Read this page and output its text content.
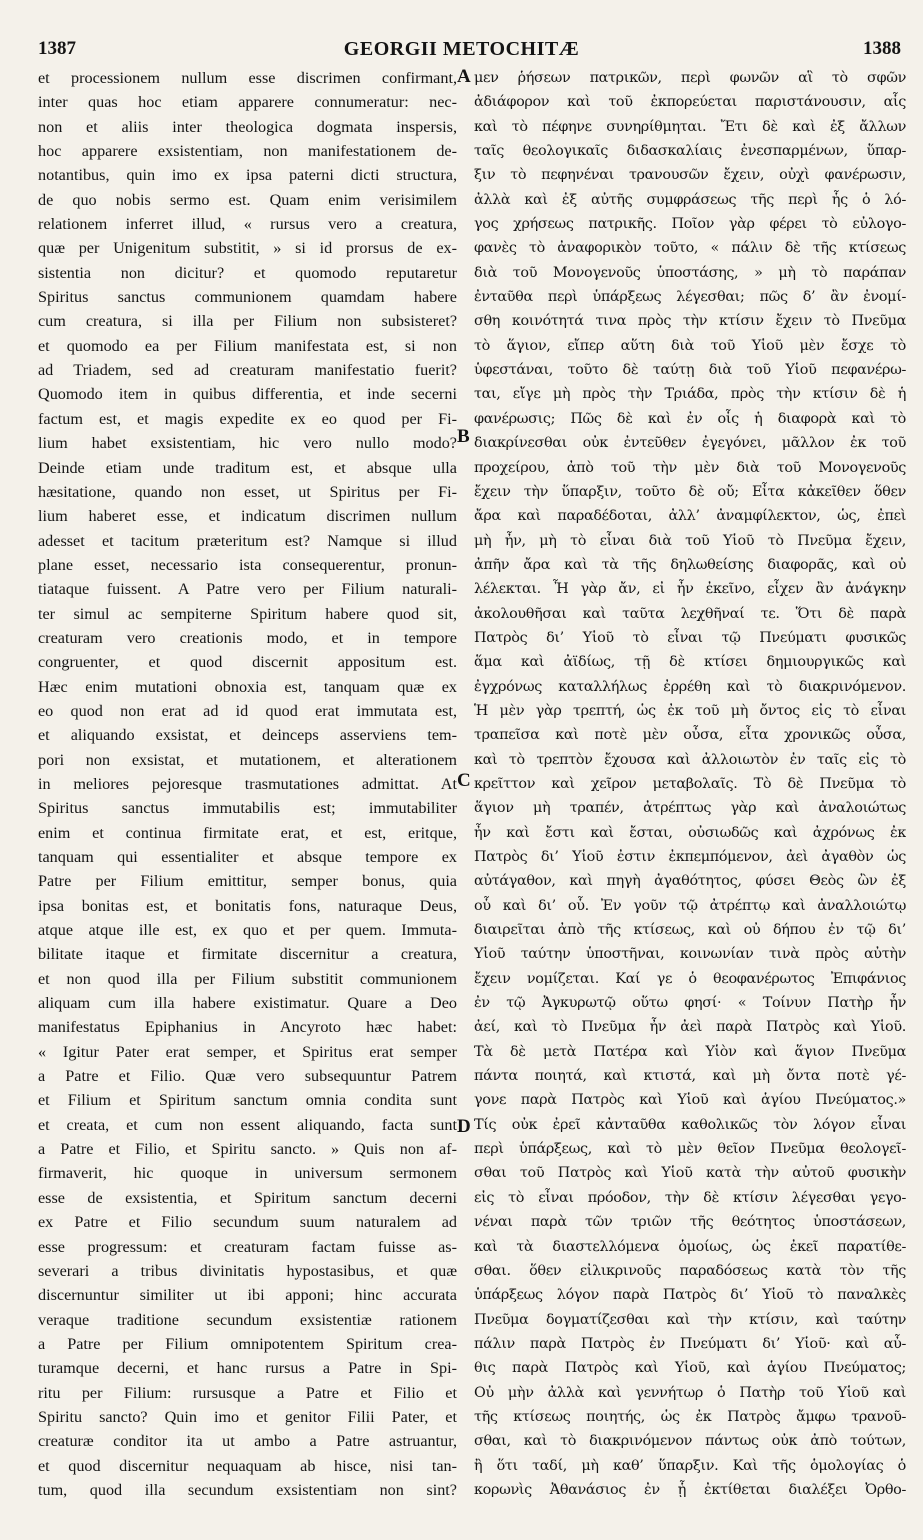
1387	GEORGII METOCHITÆ	1388
et processionem nullum esse discrimen confirmant,
inter quas hoc etiam apparere connumeratur: nec-
non et aliis inter theologica dogmata inspersis,
hoc apparere exsistentiam, non manifestationem de-
notantibus, quin imo ex ipsa paterni dicti structura,
de quo nobis sermo est. Quam enim verisimilem
relationem inferret illud, « rursus vero a creatura,
quæ per Unigenitum substitit, » si id prorsus de ex-
sistentia non dicitur? et quomodo reputaretur
Spiritus sanctus communionem quamdam habere
cum creatura, si illa per Filium non subsisteret?
et quomodo ea per Filium manifestata est, si non
ad Triadem, sed ad creaturam manifestatio fuerit?
Quomodo item in quibus differentia, et inde secerni
factum est, et magis expedite ex eo quod per Fi-
lium habet exsistentiam, hic vero nullo modo?
Deinde etiam unde traditum est, et absque ulla
hæsitatione, quando non esset, ut Spiritus per Fi-
lium haberet esse, et indicatum discrimen nullum
adesset et tacitum præteritum est? Namque si illud
plane esset, necessario ista consequerentur, pronun-
tiataque fuissent. A Patre vero per Filium naturali-
ter simul ac sempiterne Spiritum habere quod sit,
creaturam vero creationis modo, et in tempore
congruenter, et quod discernit appositum est.
Hæc enim mutationi obnoxia est, tanquam quæ ex
eo quod non erat ad id quod erat immutata est,
et aliquando exsistat, et deinceps asserviens tem-
pori non exsistat, et mutationem, et alterationem
in meliores pejoresque trasmutationes admittat. At
Spiritus sanctus immutabilis est; immutabiliter
enim et continua firmitate erat, et est, eritque,
tanquam qui essentialiter et absque tempore ex
Patre per Filium emittitur, semper bonus, quia
ipsa bonitas est, et bonitatis fons, naturaque Deus,
atque atque ille est, ex quo et per quem. Immuta-
bilitate itaque et firmitate discernitur a creatura,
et non quod illa per Filium substitit communionem
aliquam cum illa habere existimatur. Quare a Deo
manifestatus Epiphanius in Ancyroto hæc habet:
« Igitur Pater erat semper, et Spiritus erat semper
a Patre et Filio. Quæ vero subsequuntur Patrem
et Filium et Spiritum sanctum omnia condita sunt
et creata, et cum non essent aliquando, facta sunt
a Patre et Filio, et Spiritu sancto. » Quis non af-
firmaverit, hic quoque in universum sermonem
esse de exsistentia, et Spiritum sanctum decerni
ex Patre et Filio secundum suum naturalem ad
esse progressum: et creaturam factam fuisse as-
severari a tribus divinitatis hypostasibus, et quæ
discernuntur similiter ut ibi apponi; hinc accurata
veraque traditione secundum exsistentiæ rationem
a Patre per Filium omnipotentem Spiritum crea-
turamque decerni, et hanc rursus a Patre in Spi-
ritu per Filium: rursusque a Patre et Filio et
Spiritu sancto? Quin imo et genitor Filii Pater, et
creaturæ conditor ita ut ambo a Patre astruantur,
et quod discernitur nequaquam ab hisce, nisi tan-
tum, quod illa secundum exsistentiam non sint?
μεν ῥήσεων πατρικῶν, περὶ φωνῶν αἳ τὸ σφῶν
ἀδιάφορον καὶ τοῦ ἐκπορεύεται παριστάνουσιν, αἷς
καὶ τὸ πέφηνε συνηρίθμηται. Ἔτι δὲ καὶ ἐξ ἄλλων
ταῖς θεολογικαῖς διδασκαλίαις ἐνεσπαρμένων, ὕπαρ-
ξιν τὸ πεφηνέναι τρανουσῶν ἔχειν, οὐχὶ φανέρωσιν,
ἀλλὰ καὶ ἐξ αὐτῆς συμφράσεως τῆς περὶ ἧς ὁ λό-
γος χρήσεως πατρικῆς. Ποῖον γὰρ φέρει τὸ εὐλογο-
φανὲς τὸ ἀναφορικὸν τοῦτο, « πάλιν δὲ τῆς κτίσεως
διὰ τοῦ Μονογενοῦς ὑποστάσης, » μὴ τὸ παράπαν
ἐνταῦθα περὶ ὑπάρξεως λέγεσθαι; πῶς δ’ ἂν ἐνομί-
σθη κοινότητά τινα πρὸς τὴν κτίσιν ἔχειν τὸ Πνεῦμα
τὸ ἅγιον, εἴπερ αὕτη διὰ τοῦ Υἱοῦ μὲν ἔσχε τὸ
ὑφεστάναι, τοῦτο δὲ ταύτῃ διὰ τοῦ Υἱοῦ πεφανέρω-
ται, εἴγε μὴ πρὸς τὴν Τριάδα, πρὸς τὴν κτίσιν δὲ ἡ
φανέρωσις; Πῶς δὲ καὶ ἐν οἷς ἡ διαφορὰ καὶ τὸ
διακρίνεσθαι οὐκ ἐντεῦθεν ἐγεγόνει, μᾶλλον ἐκ τοῦ
προχείρου, ἀπὸ τοῦ τὴν μὲν διὰ τοῦ Μονογενοῦς
ἔχειν τὴν ὕπαρξιν, τοῦτο δὲ οὔ; Εἶτα κἀκεῖθεν ὅθεν
ἄρα καὶ παραδέδοται, ἀλλ’ ἀναμφίλεκτον, ὡς, ἐπεὶ
μὴ ἦν, μὴ τὸ εἶναι διὰ τοῦ Υἱοῦ τὸ Πνεῦμα ἔχειν,
ἀπῆν ἄρα καὶ τὰ τῆς δηλωθείσης διαφορᾶς, καὶ οὐ
λέλεκται. Ἦ γὰρ ἄν, εἰ ἦν ἐκεῖνο, εἶχεν ἂν ἀνάγκην
ἀκολουθῆσαι καὶ ταῦτα λεχθῆναί τε. Ὅτι δὲ παρὰ
Πατρὸς δι’ Υἱοῦ τὸ εἶναι τῷ Πνεύματι φυσικῶς
ἅμα καὶ ἀϊδίως, τῇ δὲ κτίσει δημιουργικῶς καὶ
ἐγχρόνως καταλλήλως ἐρρέθη καὶ τὸ διακρινόμενον.
Ἡ μὲν γὰρ τρεπτή, ὡς ἐκ τοῦ μὴ ὄντος εἰς τὸ εἶναι
τραπεῖσα καὶ ποτὲ μὲν οὖσα, εἶτα χρονικῶς οὖσα,
καὶ τὸ τρεπτὸν ἔχουσα καὶ ἀλλοιωτὸν ἐν ταῖς εἰς τὸ
κρεῖττον καὶ χεῖρον μεταβολαῖς. Τὸ δὲ Πνεῦμα τὸ
ἅγιον μὴ τραπέν, ἀτρέπτως γὰρ καὶ ἀναλοιώτως
ἦν καὶ ἔστι καὶ ἔσται, οὐσιωδῶς καὶ ἀχρόνως ἐκ
Πατρὸς δι’ Υἱοῦ ἐστιν ἐκπεμπόμενον, ἀεὶ ἀγαθὸν ὡς
αὐτάγαθον, καὶ πηγὴ ἀγαθότητος, φύσει Θεὸς ὢν ἐξ
οὗ καὶ δι’ οὗ. Ἐν γοῦν τῷ ἀτρέπτῳ καὶ ἀναλλοιώτῳ
διαιρεῖται ἀπὸ τῆς κτίσεως, καὶ οὐ δήπου ἐν τῷ δι’
Υἱοῦ ταύτην ὑποστῆναι, κοινωνίαν τινὰ πρὸς αὐτὴν
ἔχειν νομίζεται. Καί γε ὁ θεοφανέρωτος Ἐπιφάνιος
ἐν τῷ Ἀγκυρωτῷ οὕτω φησί· « Τοίνυν Πατὴρ ἦν
ἀεί, καὶ τὸ Πνεῦμα ἦν ἀεὶ παρὰ Πατρὸς καὶ Υἱοῦ.
Τὰ δὲ μετὰ Πατέρα καὶ Υἱὸν καὶ ἅγιον Πνεῦμα
πάντα ποιητά, καὶ κτιστά, καὶ μὴ ὄντα ποτὲ γέ-
γονε παρὰ Πατρὸς καὶ Υἱοῦ καὶ ἁγίου Πνεύματος.»
Τίς οὐκ ἐρεῖ κἀνταῦθα καθολικῶς τὸν λόγον εἶναι
περὶ ὑπάρξεως, καὶ τὸ μὲν θεῖον Πνεῦμα θεολογεῖ-
σθαι τοῦ Πατρὸς καὶ Υἱοῦ κατὰ τὴν αὐτοῦ φυσικὴν
εἰς τὸ εἶναι πρόοδον, τὴν δὲ κτίσιν λέγεσθαι γεγο-
νέναι παρὰ τῶν τριῶν τῆς θεότητος ὑποστάσεων,
καὶ τὰ διαστελλόμενα ὁμοίως, ὡς ἐκεῖ παρατίθε-
σθαι. ὅθεν εἰλικρινοῦς παραδόσεως κατὰ τὸν τῆς
ὑπάρξεως λόγον παρὰ Πατρὸς δι’ Υἱοῦ τὸ παναλκὲς
Πνεῦμα δογματίζεσθαι καὶ τὴν κτίσιν, καὶ ταύτην
πάλιν παρὰ Πατρὸς ἐν Πνεύματι δι’ Υἱοῦ· καὶ αὖ-
θις παρὰ Πατρὸς καὶ Υἱοῦ, καὶ ἁγίου Πνεύματος;
Οὐ μὴν ἀλλὰ καὶ γεννήτωρ ὁ Πατὴρ τοῦ Υἱοῦ καὶ
τῆς κτίσεως ποιητής, ὡς ἐκ Πατρὸς ἄμφω τρανοῦ-
σθαι, καὶ τὸ διακρινόμενον πάντως οὐκ ἀπὸ τούτων,
ἢ ὅτι ταδί, μὴ καθ’ ὕπαρξιν. Καὶ τῆς ὁμολογίας ὁ
κορωνὶς Ἀθανάσιος ἐν ᾗ ἐκτίθεται διαλέξει Ὀρθο-
A
B
C
D
